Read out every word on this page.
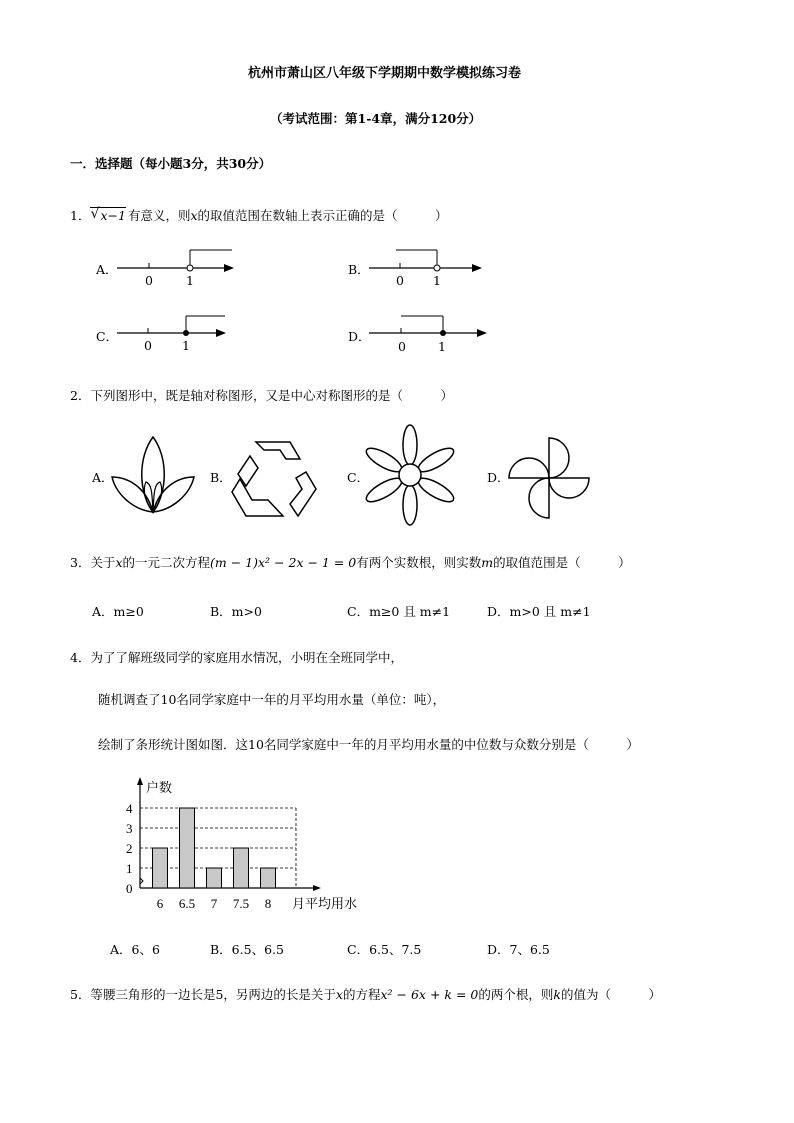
杭州市萧山区八年级下学期期中数学模拟练习卷
（考试范围：第1-4章，满分120分）
一．选择题（每小题3分，共30分）
1． √ x−1 有意义，则x的取值范围在数轴上表示正确的是（　　　）
A．
0	1
B．
0 1
C．
0 1
D．
0	1
2．下列图形中，既是轴对称图形，又是中心对称图形的是（　　　）
A．	B．	C．	D．
3．关于x的一元二次方程(m − 1)x² − 2x − 1 = 0有两个实数根，则实数m的取值范围是（　　　）
A．m≥0	B．m>0	C．m≥0 且 m≠1	D．m>0 且 m≠1
4．为了了解班级同学的家庭用水情况，小明在全班同学中，
随机调查了10名同学家庭中一年的月平均用水量（单位：吨），
绘制了条形统计图如图．这10名同学家庭中一年的月平均用水量的中位数与众数分别是（　　　）
0
1
2
3
4
户数
6 6.5 7 7.5 8 月平均用水
A．6、6	B．6.5、6.5	C．6.5、7.5	D．7、6.5
5．等腰三角形的一边长是5，另两边的长是关于x的方程x² − 6x + k = 0的两个根，则k的值为（　　　）
